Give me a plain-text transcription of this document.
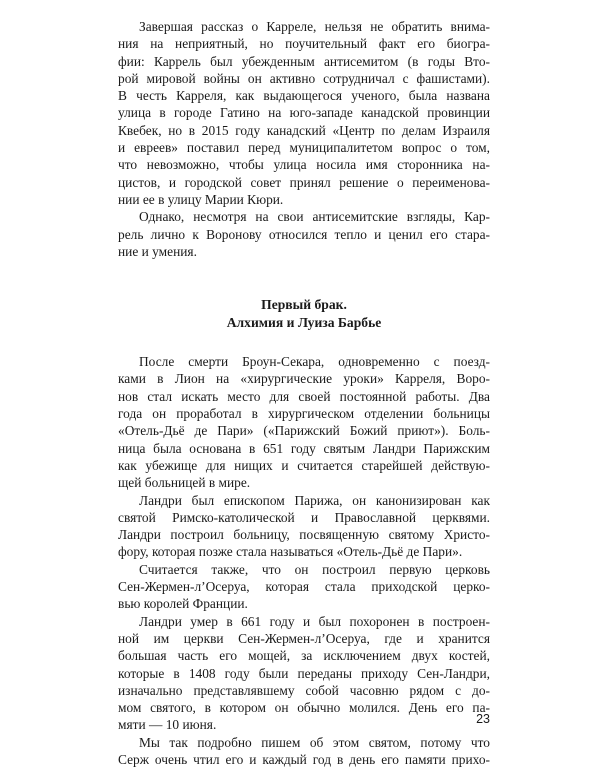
Завершая рассказ о Карреле, нельзя не обратить внима-
ния на неприятный, но поучительный факт его биогра-
фии: Каррель был убежденным антисемитом (в годы Вто-
рой мировой войны он активно сотрудничал с фашистами).
В честь Карреля, как выдающегося ученого, была названа
улица в городе Гатино на юго-западе канадской провинции
Квебек, но в 2015 году канадский «Центр по делам Израиля
и евреев» поставил перед муниципалитетом вопрос о том,
что невозможно, чтобы улица носила имя сторонника на-
цистов, и городской совет принял решение о переименова-
нии ее в улицу Марии Кюри.

Однако, несмотря на свои антисемитские взгляды, Кар-
рель лично к Воронову относился тепло и ценил его стара-
ние и умения.

Первый брак.
Алхимия и Луиза Барбье

После смерти Броун-Секара, одновременно с поезд-
ками в Лион на «хирургические уроки» Карреля, Воро-
нов стал искать место для своей постоянной работы. Два
года он проработал в хирургическом отделении больницы
«Отель-Дьё де Пари» («Парижский Божий приют»). Боль-
ница была основана в 651 году святым Ландри Парижским
как убежище для нищих и считается старейшей действую-
щей больницей в мире.

Ландри был епископом Парижа, он канонизирован как
святой Римско-католической и Православной церквями.
Ландри построил больницу, посвященную святому Христо-
фору, которая позже стала называться «Отель-Дьё де Пари».

Считается также, что он построил первую церковь
Сен-Жермен-л’Осеруа, которая стала приходской церко-
вью королей Франции.

Ландри умер в 661 году и был похоронен в построен-
ной им церкви Сен-Жермен-л’Осеруа, где и хранится
большая часть его мощей, за исключением двух костей,
которые в 1408 году были переданы приходу Сен-Ландри,
изначально представлявшему собой часовню рядом с до-
мом святого, в котором он обычно молился. День его па-
мяти — 10 июня.

Мы так подробно пишем об этом святом, потому что
Серж очень чтил его и каждый год в день его памяти прихо-

23
